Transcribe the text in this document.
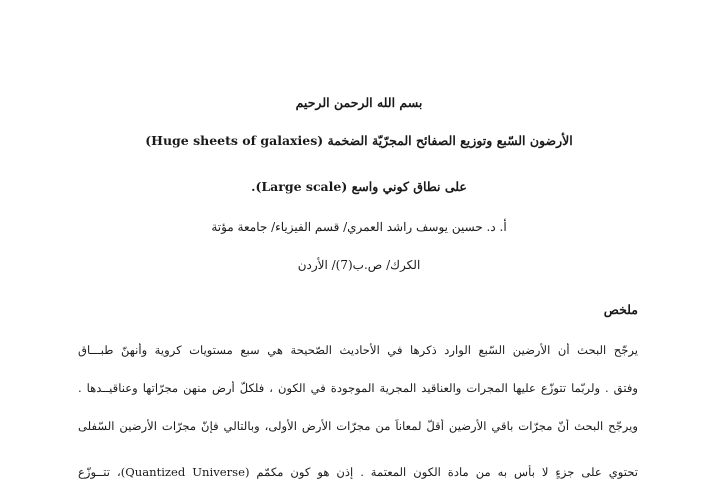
بسم الله الرحمن الرحيم
الأرضون السّبع وتوزيع الصفائح المجرّيّة الضخمة (Huge sheets of galaxies)
على نطاق كوني واسع (Large scale).
أ. د. حسين يوسف راشد العمري/ قسم الفيزياء/ جامعة مؤتة
الكرك/ ص.ب(7)/ الأردن
ملخص
يرجّح البحث أن الأرضين السّبع الوارد ذكرها في الأحاديث الصّحيحة هي سبع مستويات كروية وأنهنّ طبـــاق
وفتق . ولربّما تتوزّع عليها المجرات والعناقيد المجرية الموجودة في الكون ، فلكلّ أرض منهن مجرّاتها وعناقيــدها .
ويرجّح البحث أنّ مجرّات باقي الأرضين أقلّ لمعاناً من مجرّات الأرض الأولى، وبالتالي فإنّ مجرّات الأرضين السّفلى
تحتوي على جزءٍ لا بأس به من مادة الكون المعتمة . إذن هو كون مكمّم (Quantized Universe)، تتــوزّع
